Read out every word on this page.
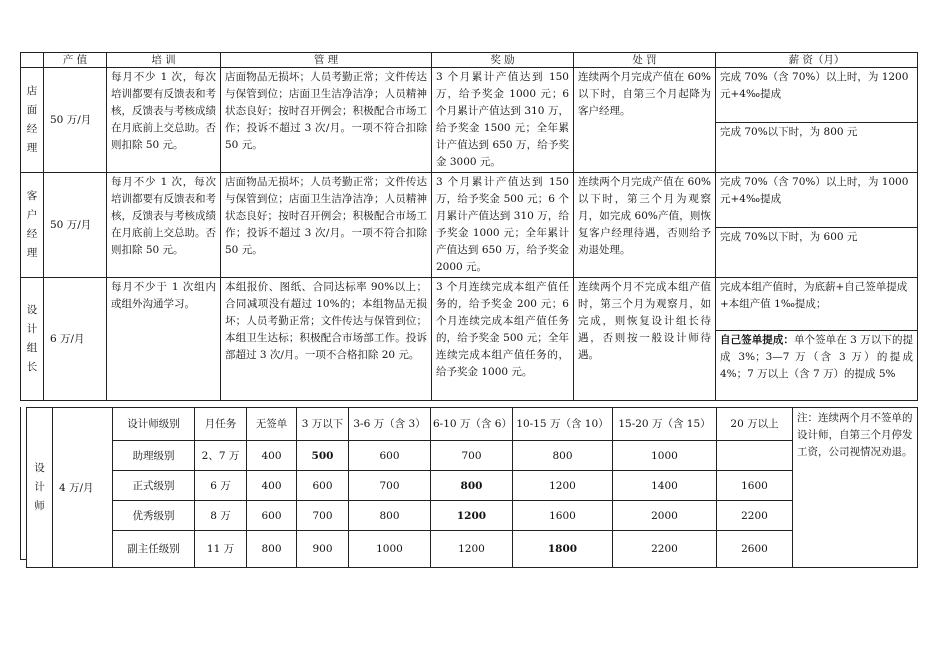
	产 值	培 训	管 理	奖 励	处 罚	薪 资（月）

店面经理	50 万/月	每月不少 1 次，每次培训都要有反馈表和考核，反馈表与考核成绩在月底前上交总助。否则扣除 50 元。	店面物品无损坏；人员考勤正常；文件传达与保管到位；店面卫生洁净洁净；人员精神状态良好；按时召开例会；积极配合市场工作；投诉不超过 3 次/月。一项不符合扣除 50 元。	3 个月累计产值达到 150 万，给予奖金 1000 元；6 个月累计产值达到 310 万，给予奖金 1500 元；全年累计产值达到 650 万，给予奖金 3000 元。	连续两个月完成产值在 60%以下时，自第三个月起降为客户经理。	完成 70%（含 70%）以上时，为 1200 元+4‰提成
						完成 70%以下时，为 800 元

客户经理	50 万/月	每月不少 1 次，每次培训都要有反馈表和考核，反馈表与考核成绩在月底前上交总助。否则扣除 50 元。	店面物品无损坏；人员考勤正常；文件传达与保管到位；店面卫生洁净洁净；人员精神状态良好；按时召开例会；积极配合市场工作；投诉不超过 3 次/月。一项不符合扣除 50 元。	3 个月累计产值达到 150 万，给予奖金 500 元；6 个月累计产值达到 310 万，给予奖金 1000 元；全年累计产值达到 650 万，给予奖金 2000 元。	连续两个月完成产值在 60%以下时，第三个月为观察月，如完成 60%产值，则恢复客户经理待遇，否则给予劝退处理。	完成 70%（含 70%）以上时，为 1000 元+4‰提成
						完成 70%以下时，为 600 元

设计组长	6 万/月	每月不少于 1 次组内或组外沟通学习。	本组报价、图纸、合同达标率 90%以上；合同减项没有超过 10%的；本组物品无损坏；人员考勤正常；文件传达与保管到位；本组卫生达标；积极配合市场部工作。投诉部超过 3 次/月。一项不合格扣除 20 元。	3 个月连续完成本组产值任务的，给予奖金 200 元；6 个月连续完成本组产值任务的，给予奖金 500 元；全年连续完成本组产值任务的，给予奖金 1000 元。	连续两个月不完成本组产值时，第三个月为观察月，如完成，则恢复设计组长待遇，否则按一般设计师待遇。	完成本组产值时，为底薪+自己签单提成+本组产值 1‰提成；
						自己签单提成：单个签单在 3 万以下的提成 3%；3—7 万（含 3 万）的提成 4%；7 万以上（含 7 万）的提成 5%
设计师	4 万/月	设计师级别	月任务	无签单	3 万以下	3-6 万（含 3）	6-10 万（含 6）	10-15 万（含 10）	15-20 万（含 15）	20 万以上	注：连续两个月不签单的设计师，自第三个月停发工资，公司视情况劝退。
		助理级别	2、7 万	400	500	600	700	800	1000		
		正式级别	6 万	400	600	700	800	1200	1400	1600	
		优秀级别	8 万	600	700	800	1200	1600	2000	2200	
		副主任级别	11 万	800	900	1000	1200	1800	2200	2600	
